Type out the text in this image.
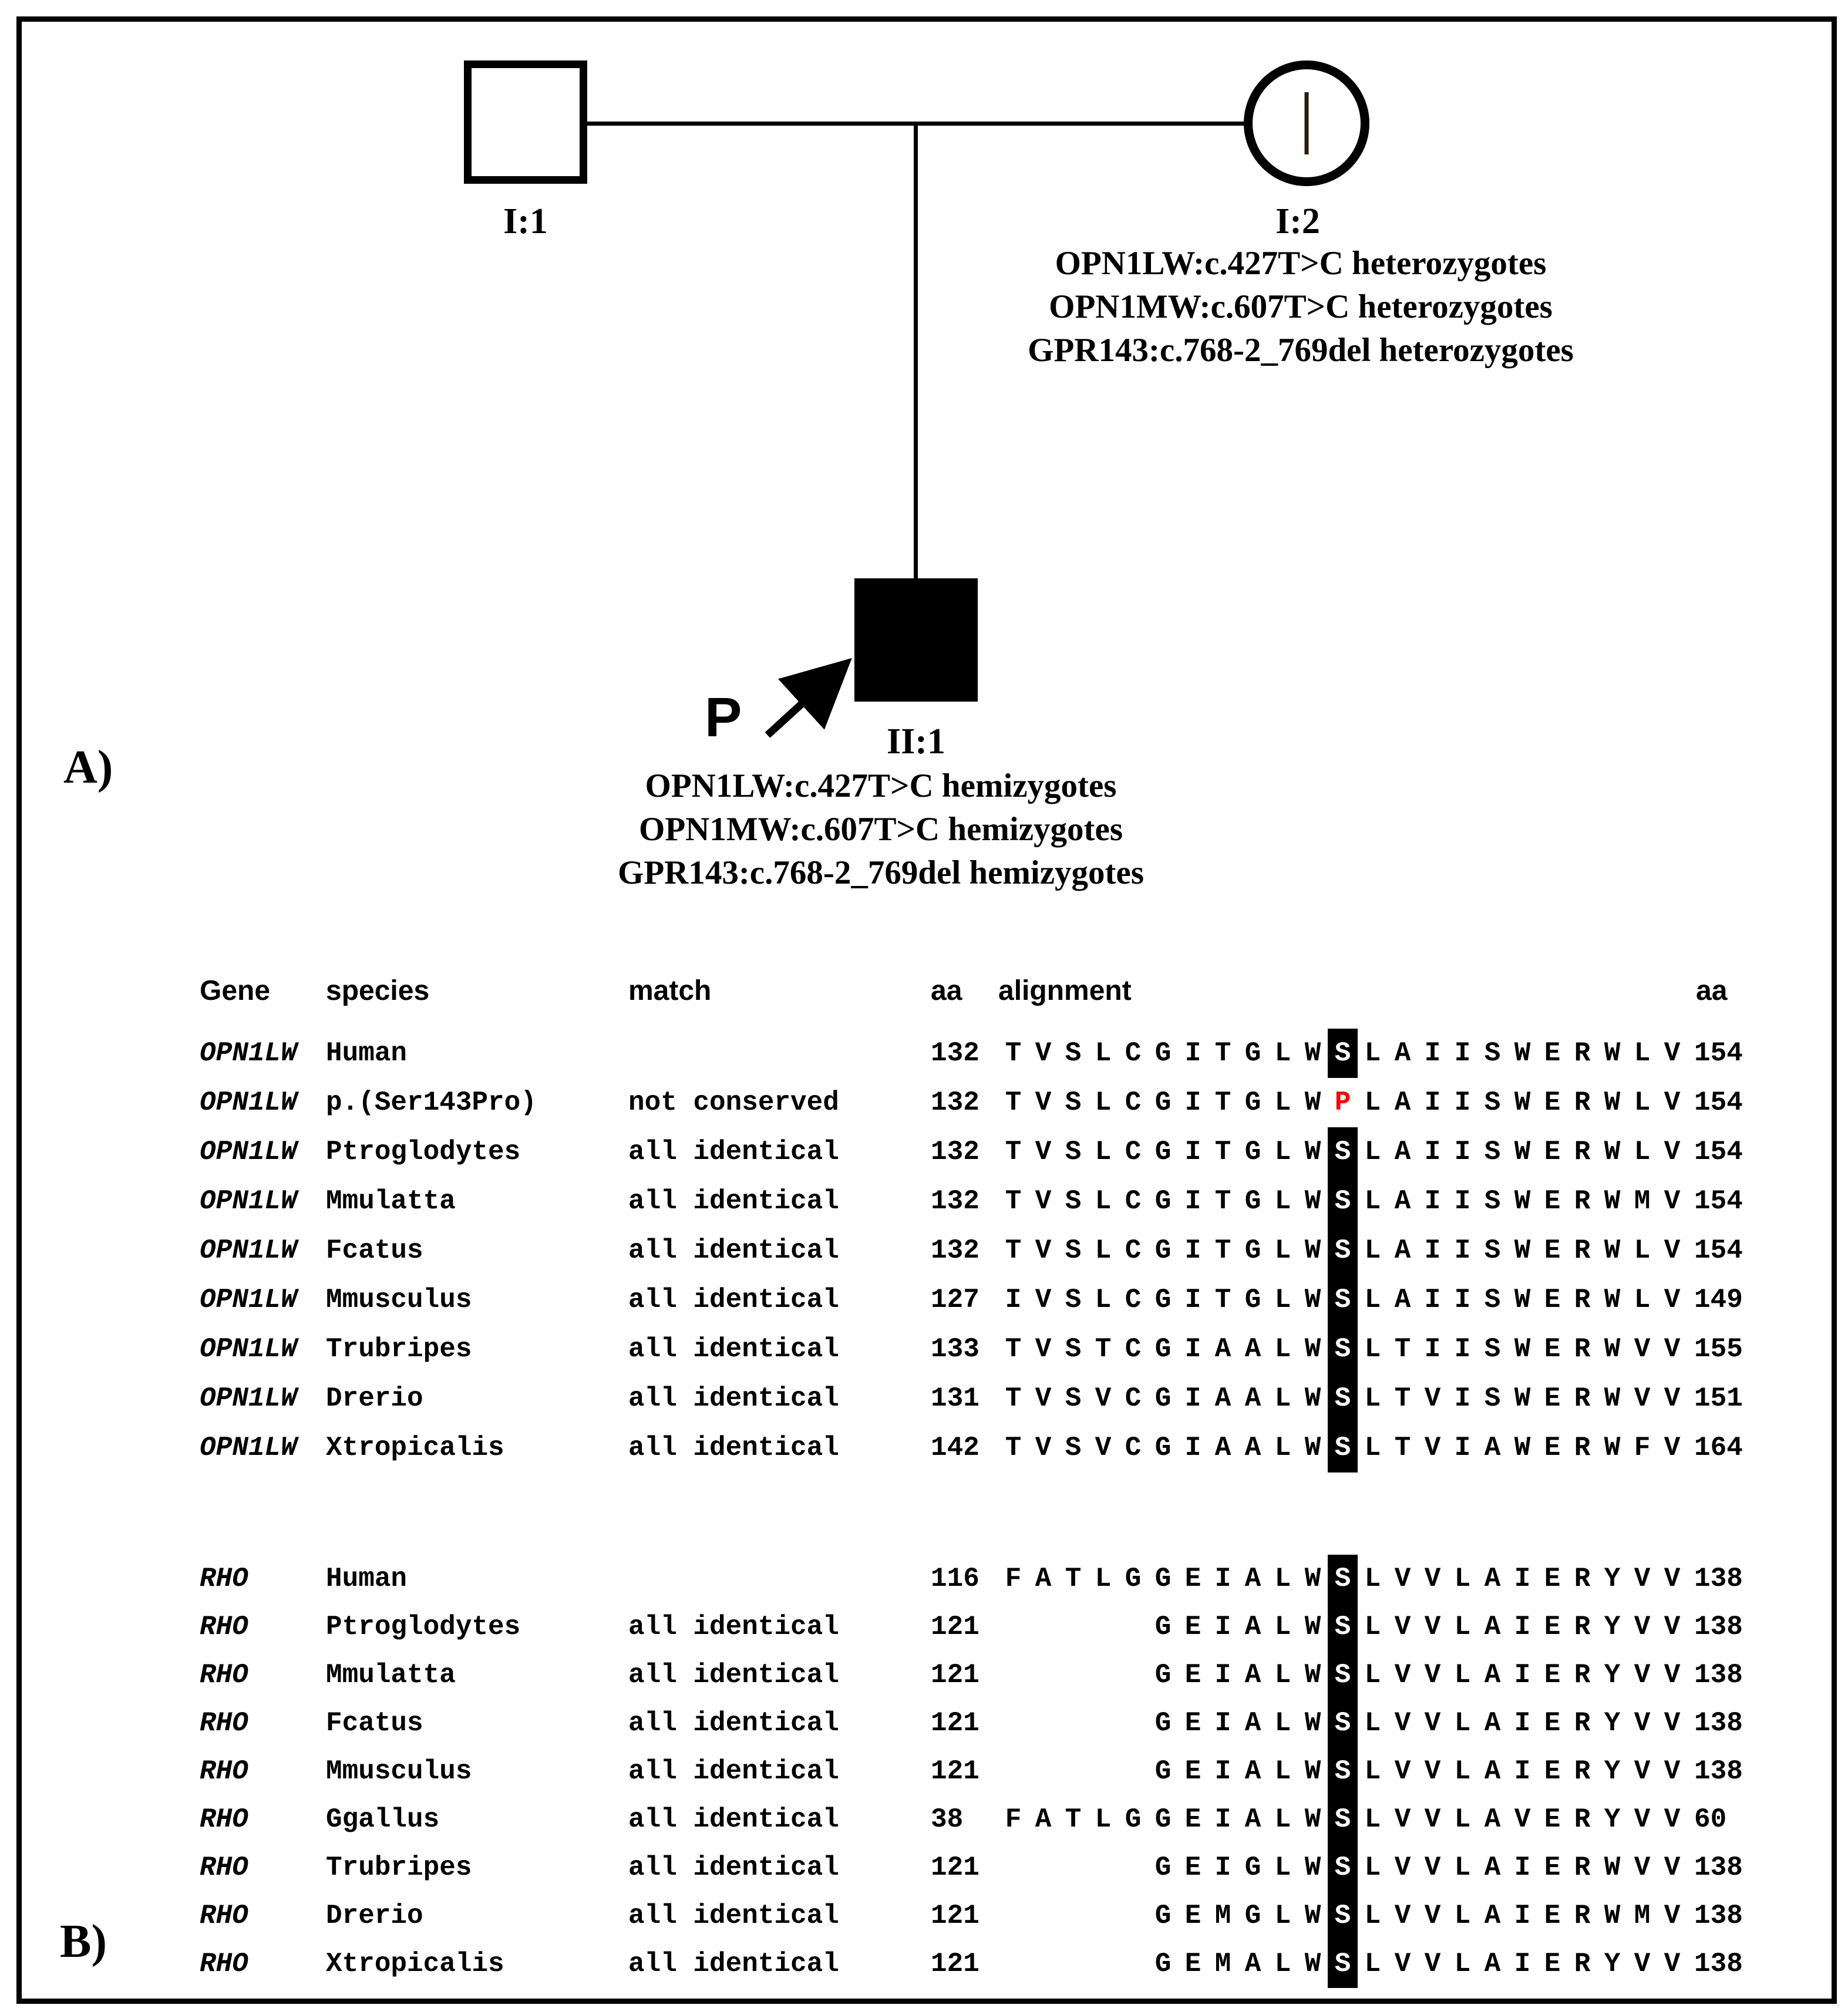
P
I:1	I:2
II:1
OPN1LW:c.427T>C heterozygotes
OPN1MW:c.607T>C heterozygotes
GPR143:c.768-2_769del heterozygotes
OPN1LW:c.427T>C hemizygotes
OPN1MW:c.607T>C hemizygotes
GPR143:c.768-2_769del hemizygotes
A)
B)
Gene species	match	aa alignment	aa
OPN1LW Human	132 T V S L C G I T G L W S L A I I S W E R W L V 154
OPN1LW p.(Ser143Pro)	not conserved	132 T V S L C G I T G L W P L A I I S W E R W L V 154
OPN1LW Ptroglodytes	all identical	132 T V S L C G I T G L W S L A I I S W E R W L V 154
OPN1LW Mmulatta	all identical	132 T V S L C G I T G L W S L A I I S W E R W M V 154
OPN1LW Fcatus	all identical	132 T V S L C G I T G L W S L A I I S W E R W L V 154
OPN1LW Mmusculus	all identical	127 I V S L C G I T G L W S L A I I S W E R W L V 149
OPN1LW Trubripes	all identical	133 T V S T C G I A A L W S L T I I S W E R W V V 155
OPN1LW Drerio	all identical	131 T V S V C G I A A L W S L T V I S W E R W V V 151
OPN1LW Xtropicalis	all identical	142 T V S V C G I A A L W S L T V I A W E R W F V 164
RHO	Human	116 F A T L G G E I A L W S L V V L A I E R Y V V 138
RHO	Ptroglodytes	all identical	121	G E I A L W S L V V L A I E R Y V V 138
RHO	Mmulatta	all identical	121	G E I A L W S L V V L A I E R Y V V 138
RHO	Fcatus	all identical	121	G E I A L W S L V V L A I E R Y V V 138
RHO	Mmusculus	all identical	121	G E I A L W S L V V L A I E R Y V V 138
RHO	Ggallus	all identical	38 F A T L G G E I A L W S L V V L A V E R Y V V 60
RHO	Trubripes	all identical	121	G E I G L W S L V V L A I E R W V V 138
RHO	Drerio	all identical	121	G E M G L W S L V V L A I E R W M V 138
RHO	Xtropicalis	all identical	121	G E M A L W S L V V L A I E R Y V V 138
